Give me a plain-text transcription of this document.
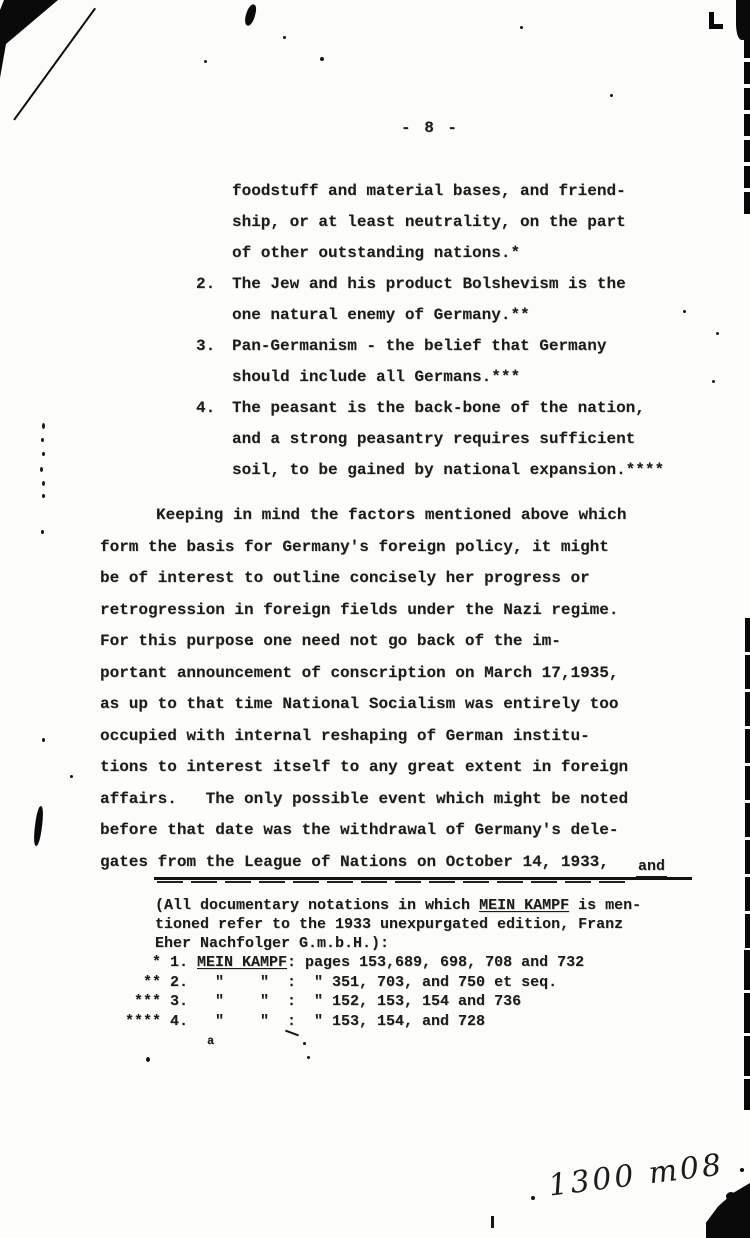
- 8 -
foodstuff and material bases, and friend-
ship, or at least neutrality, on the part
of other outstanding nations.*
2. The Jew and his product Bolshevism is the
one natural enemy of Germany.**
3. Pan-Germanism - the belief that Germany
should include all Germans.***
4. The peasant is the back-bone of the nation,
and a strong peasantry requires sufficient
soil, to be gained by national expansion.****
Keeping in mind the factors mentioned above which
form the basis for Germany's foreign policy, it might
be of interest to outline concisely her progress or
retrogression in foreign fields under the Nazi regime.
For this purpose one need not go back of the im-
portant announcement of conscription on March 17,1935,
as up to that time National Socialism was entirely too
occupied with internal reshaping of German institu-
tions to interest itself to any great extent in foreign
affairs.   The only possible event which might be noted
before that date was the withdrawal of Germany's dele-
gates from the League of Nations on October 14, 1933,	and
(All documentary notations in which MEIN KAMPF is men-
tioned refer to the 1933 unexpurgated edition, Franz
Eher Nachfolger G.m.b.H.):
* 1. MEIN KAMPF : pages 153,689, 698, 708 and 732
** 2. "    " :  " 351, 703, and 750 et seq.
*** 3. "    " :  " 152, 153, 154 and 736
**** 4. "    " :  " 153, 154, and 728
a
1300 m08
